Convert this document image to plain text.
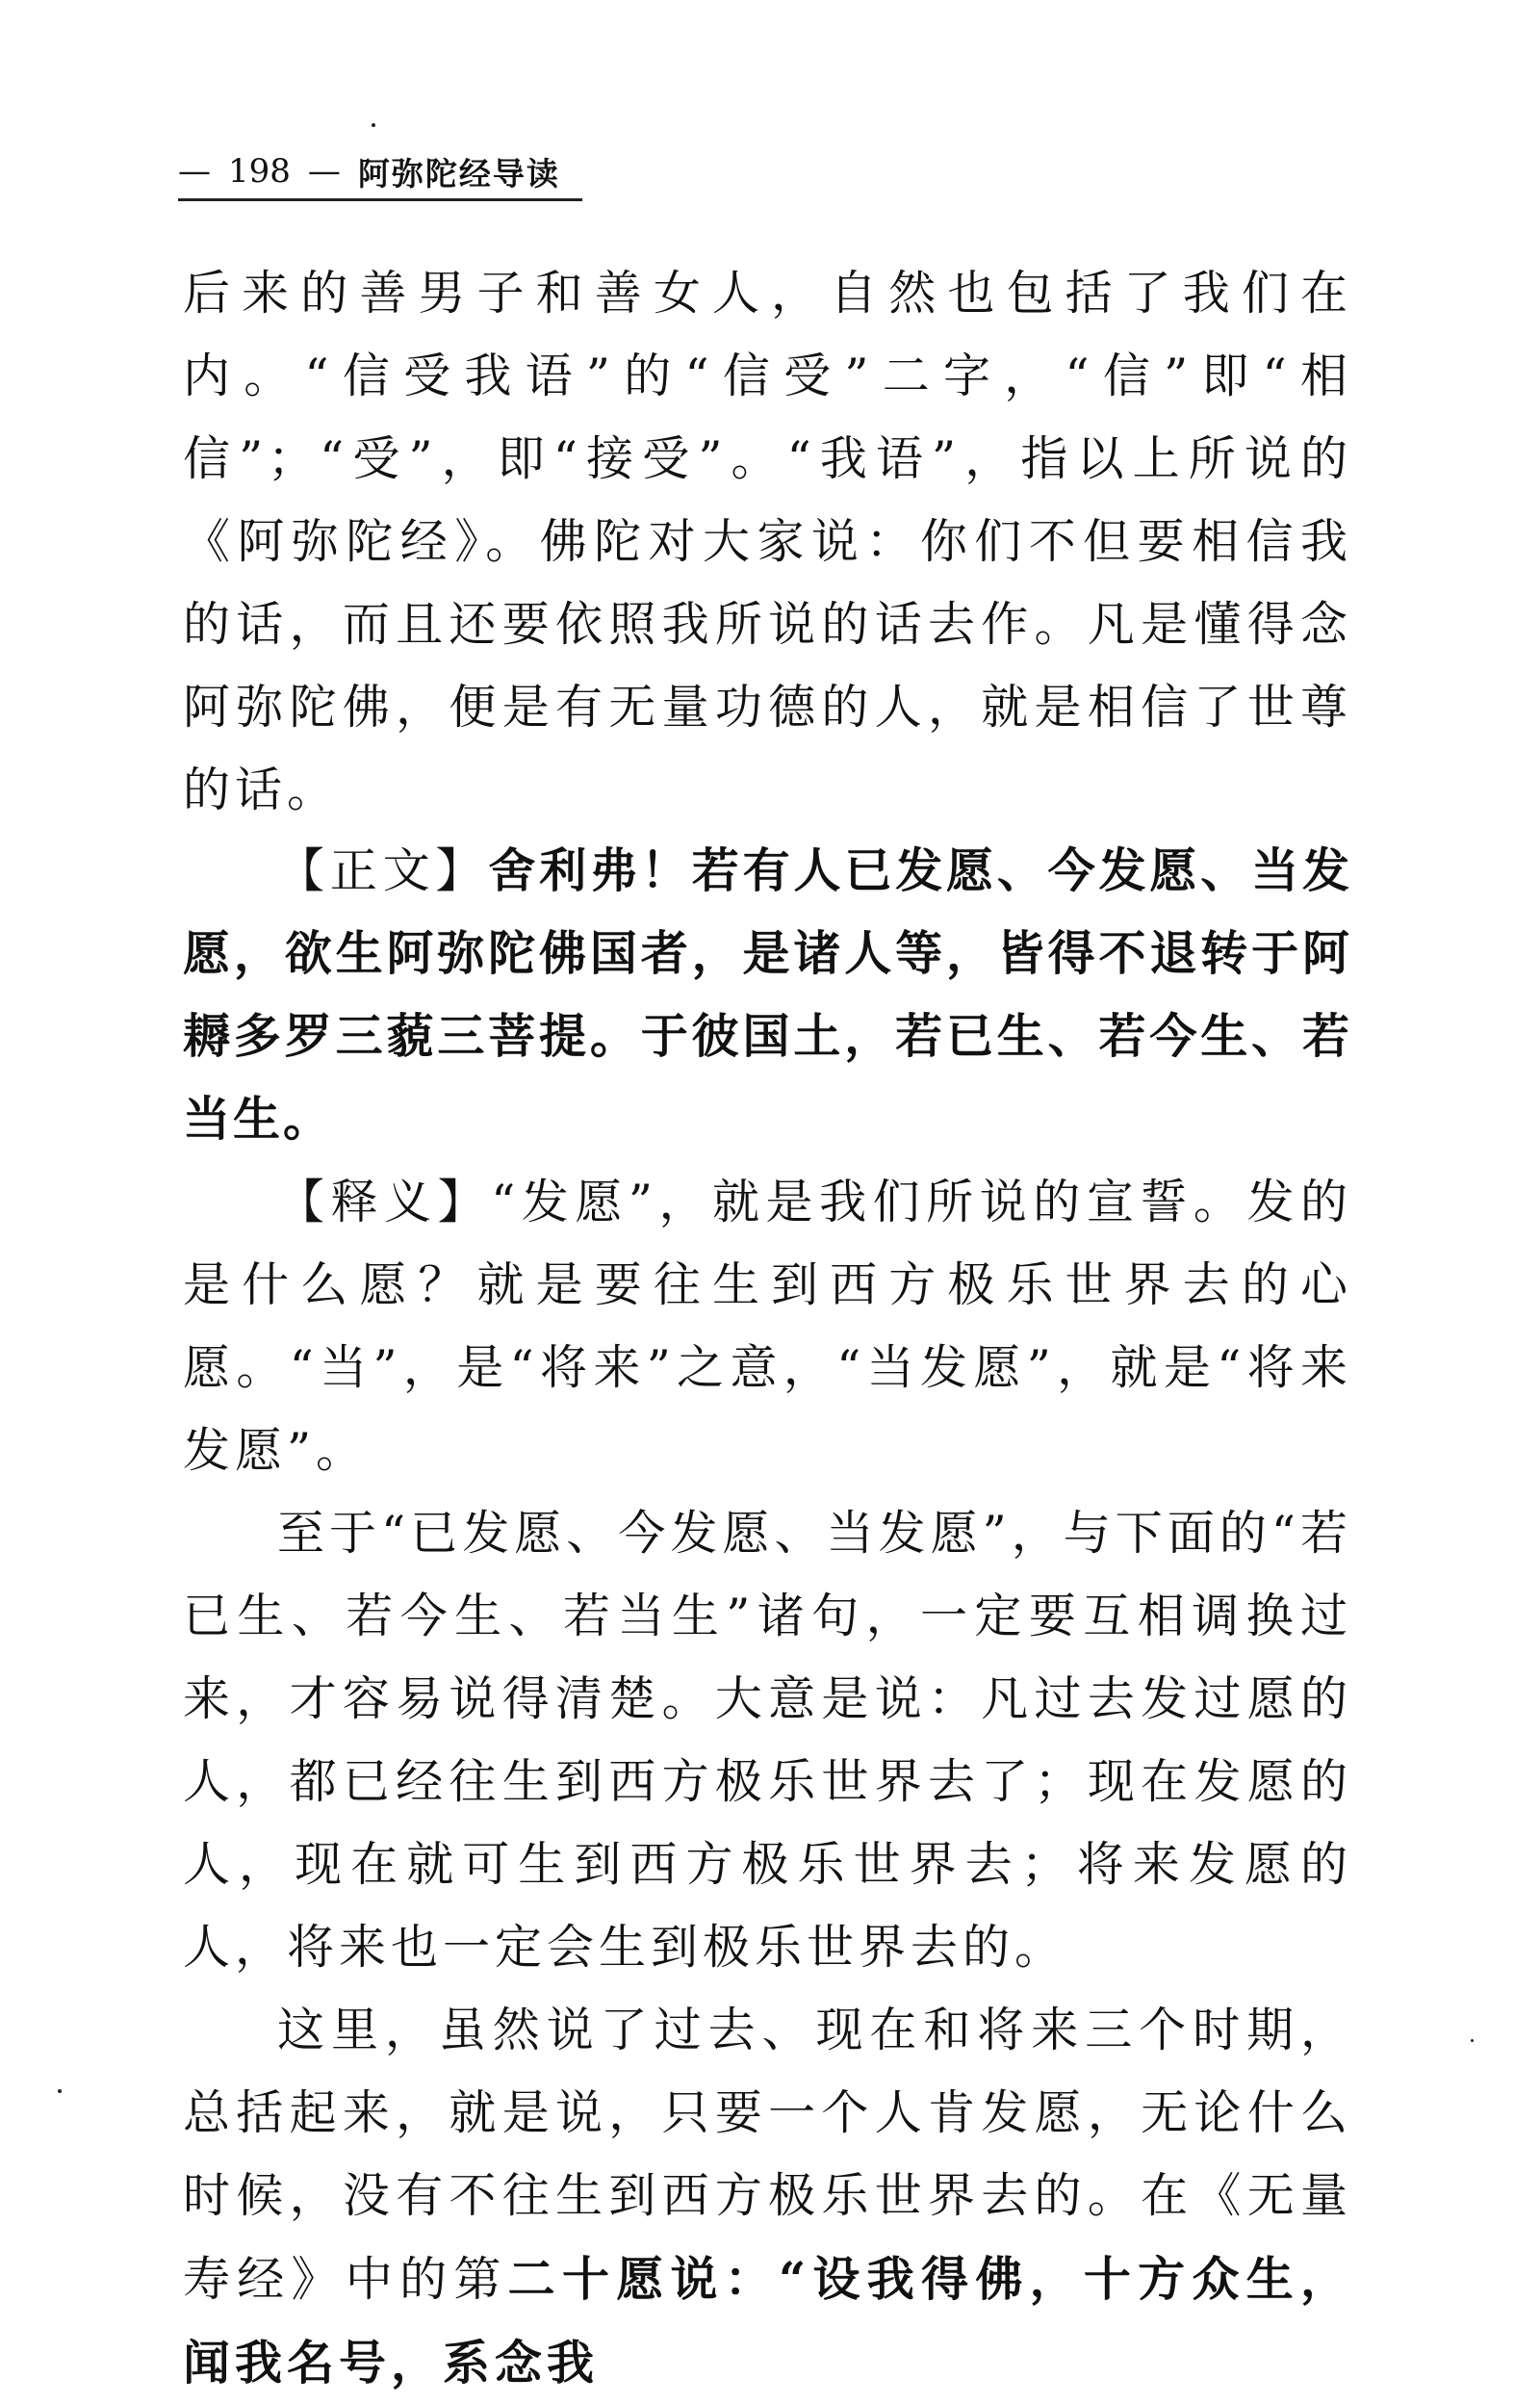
— 198 — 阿弥陀经导读

后来的善男子和善女人，自然也包括了我们在内。“信受我语”的“信受”二字，“信”即“相信”；“受”，即“接受”。“我语”，指以上所说的《阿弥陀经》。佛陀对大家说：你们不但要相信我的话，而且还要依照我所说的话去作。凡是懂得念阿弥陀佛，便是有无量功德的人，就是相信了世尊的话。

【正文】舍利弗！若有人已发愿、今发愿、当发愿，欲生阿弥陀佛国者，是诸人等，皆得不退转于阿耨多罗三藐三菩提。于彼国土，若已生、若今生、若当生。

【释义】“发愿”，就是我们所说的宣誓。发的是什么愿？就是要往生到西方极乐世界去的心愿。“当”，是“将来”之意，“当发愿”，就是“将来发愿”。

至于“已发愿、今发愿、当发愿”，与下面的“若已生、若今生、若当生”诸句，一定要互相调换过来，才容易说得清楚。大意是说：凡过去发过愿的人，都已经往生到西方极乐世界去了；现在发愿的人，现在就可生到西方极乐世界去；将来发愿的人，将来也一定会生到极乐世界去的。

这里，虽然说了过去、现在和将来三个时期，总括起来，就是说，只要一个人肯发愿，无论什么时候，没有不往生到西方极乐世界去的。在《无量寿经》中的第二十愿说：“设我得佛，十方众生，闻我名号，系念我
